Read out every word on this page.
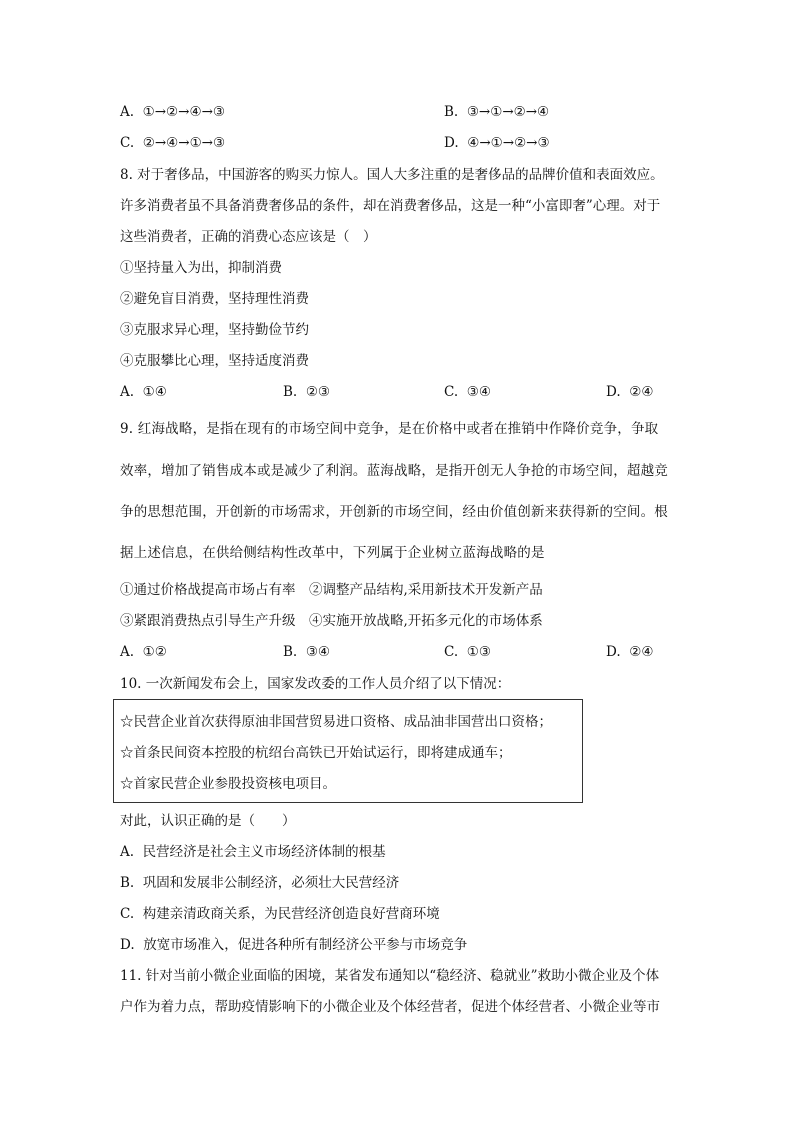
A. ①→②→④→③	B. ③→①→②→④
C. ②→④→①→③	D. ④→①→②→③
8. 对于奢侈品，中国游客的购买力惊人。国人大多注重的是奢侈品的品牌价值和表面效应。
许多消费者虽不具备消费奢侈品的条件，却在消费奢侈品，这是一种“小富即奢”心理。对于
这些消费者，正确的消费心态应该是（　）
①坚持量入为出，抑制消费
②避免盲目消费，坚持理性消费
③克服求异心理，坚持勤俭节约
④克服攀比心理，坚持适度消费
A. ①④	B. ②③	C. ③④	D. ②④
9. 红海战略，是指在现有的市场空间中竞争，是在价格中或者在推销中作降价竞争，争取
效率，增加了销售成本或是减少了利润。蓝海战略，是指开创无人争抢的市场空间，超越竞
争的思想范围，开创新的市场需求，开创新的市场空间，经由价值创新来获得新的空间。根
据上述信息，在供给侧结构性改革中，下列属于企业树立蓝海战略的是
①通过价格战提高市场占有率　②调整产品结构,采用新技术开发新产品
③紧跟消费热点引导生产升级　④实施开放战略,开拓多元化的市场体系
A. ①②	B. ③④	C. ①③	D. ②④
10. 一次新闻发布会上，国家发改委的工作人员介绍了以下情况：
☆民营企业首次获得原油非国营贸易进口资格、成品油非国营出口资格；
☆首条民间资本控股的杭绍台高铁已开始试运行，即将建成通车；
☆首家民营企业参股投资核电项目。
对此，认识正确的是（　　）
A. 民营经济是社会主义市场经济体制的根基
B. 巩固和发展非公制经济，必须壮大民营经济
C. 构建亲清政商关系，为民营经济创造良好营商环境
D. 放宽市场准入，促进各种所有制经济公平参与市场竞争
11. 针对当前小微企业面临的困境，某省发布通知以“稳经济、稳就业”救助小微企业及个体
户作为着力点，帮助疫情影响下的小微企业及个体经营者，促进个体经营者、小微企业等市
